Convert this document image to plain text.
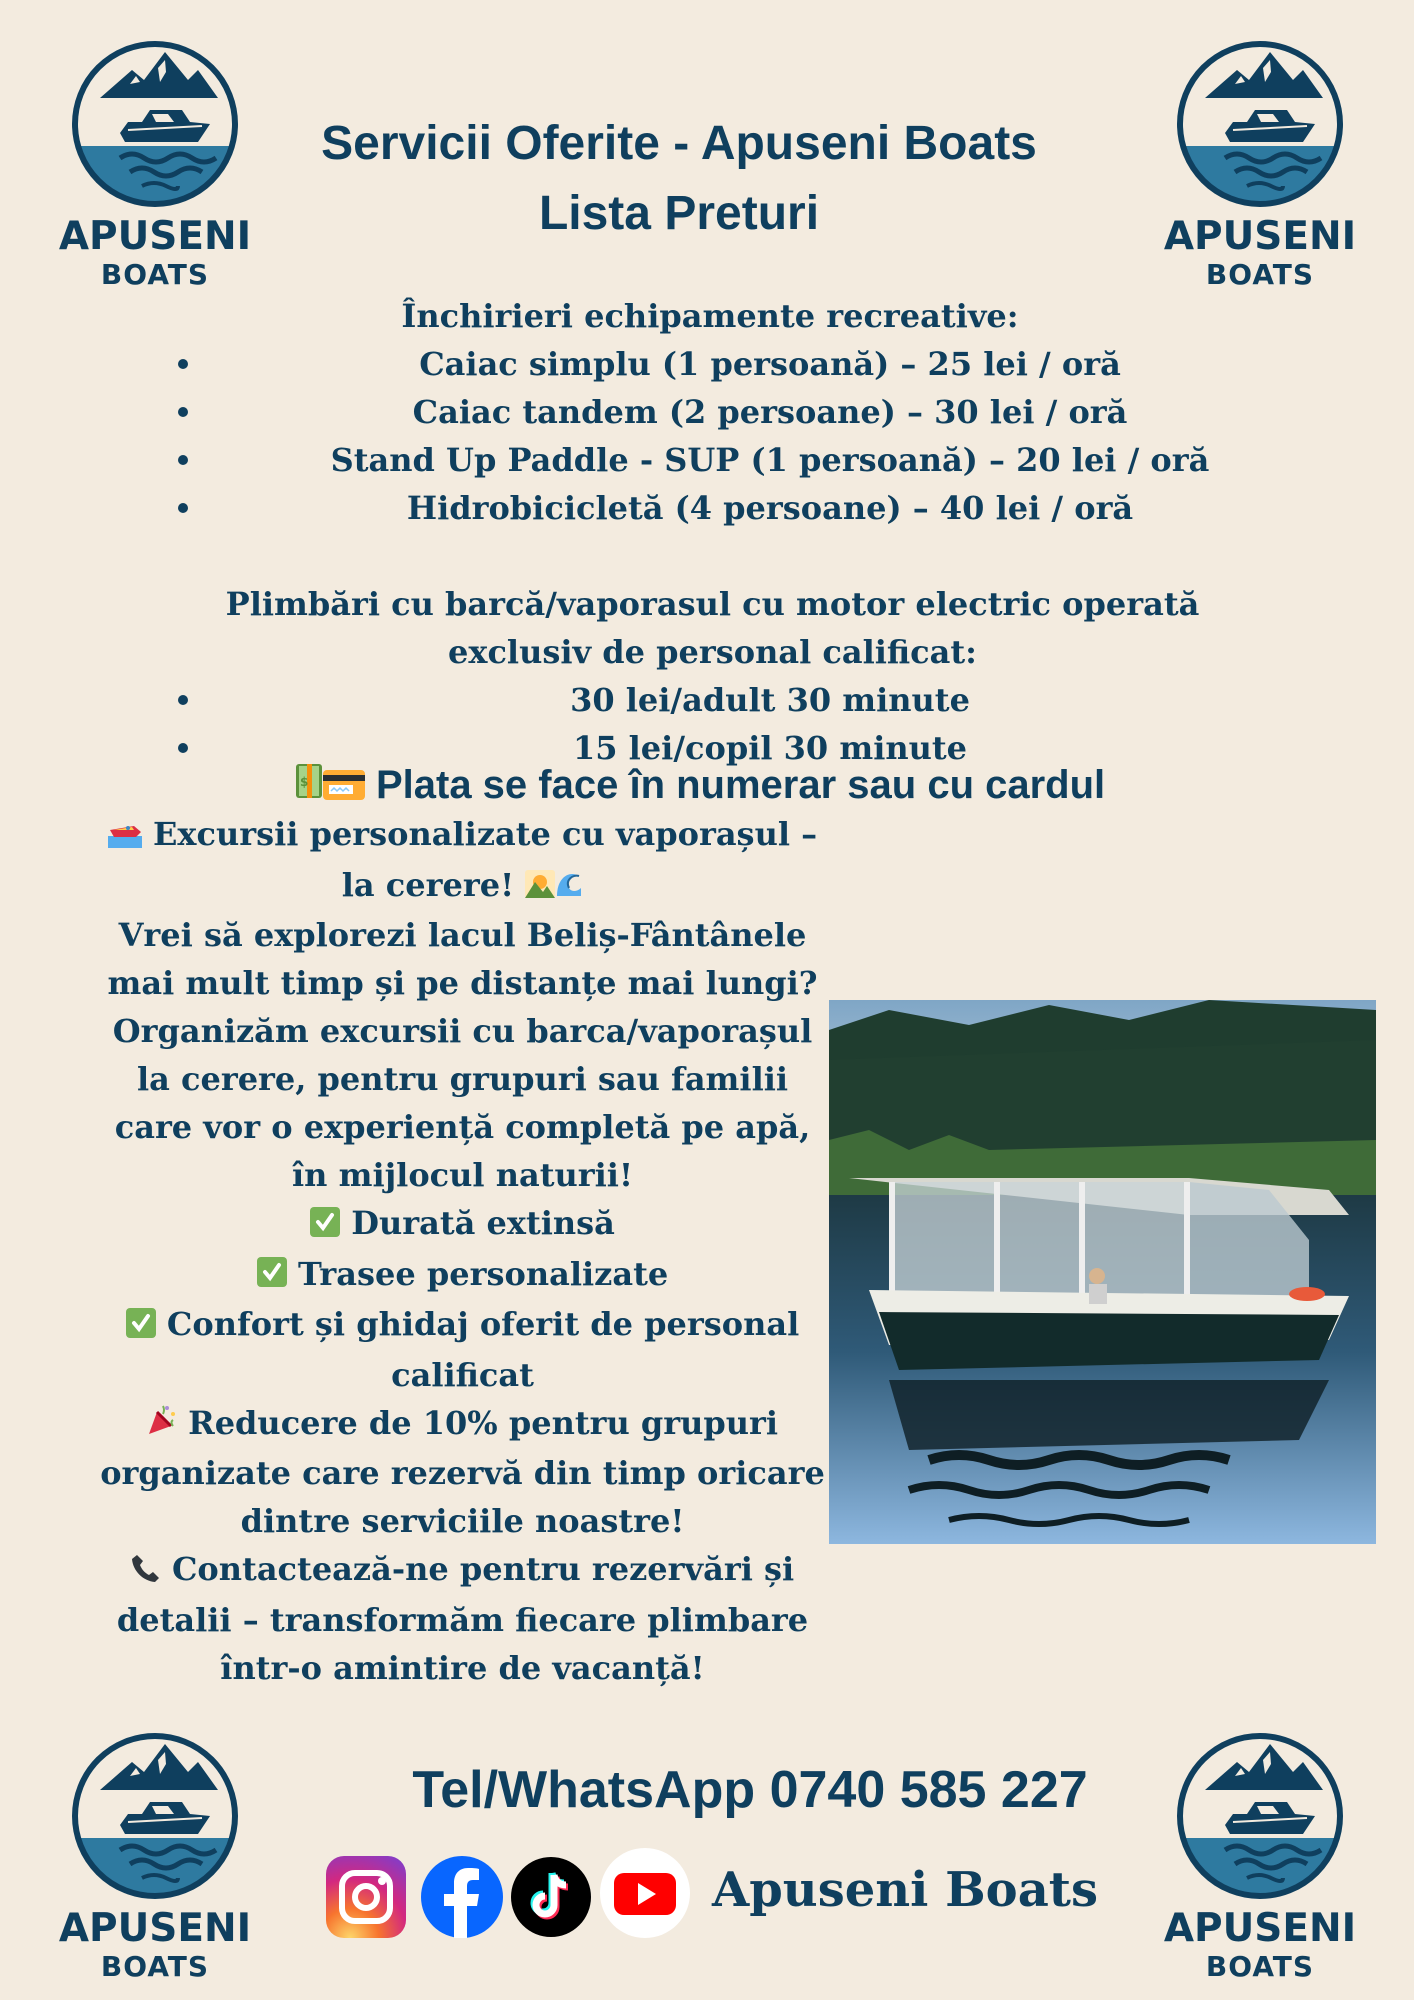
APUSENI
BOATS
APUSENI
BOATS
APUSENI
BOATS
APUSENI
BOATS
Servicii Oferite - Apuseni Boats
Lista Preturi
Închirieri echipamente recreative:
Caiac simplu (1 persoană) – 25 lei / oră
Caiac tandem (2 persoane) – 30 lei / oră
Stand Up Paddle - SUP (1 persoană) – 20 lei / oră
Hidrobicicletă (4 persoane) – 40 lei / oră
Plimbări cu barcă/vaporasul cu motor electric operată
exclusiv de personal calificat:
30 lei/adult 30 minute
15 lei/copil 30 minute
$ Plata se face în numerar sau cu cardul
Excursii personalizate cu vaporașul –
la cerere!
Vrei să explorezi lacul Beliș-Fântânele
mai mult timp și pe distanțe mai lungi?
Organizăm excursii cu barca/vaporașul
la cerere, pentru grupuri sau familii
care vor o experiență completă pe apă,
în mijlocul naturii!
Durată extinsă
Trasee personalizate
Confort și ghidaj oferit de personal
calificat
Reducere de 10% pentru grupuri
organizate care rezervă din timp oricare
dintre serviciile noastre!
Contactează-ne pentru rezervări și
detalii – transformăm fiecare plimbare
într-o amintire de vacanță!
Tel/WhatsApp 0740 585 227
Apuseni Boats
